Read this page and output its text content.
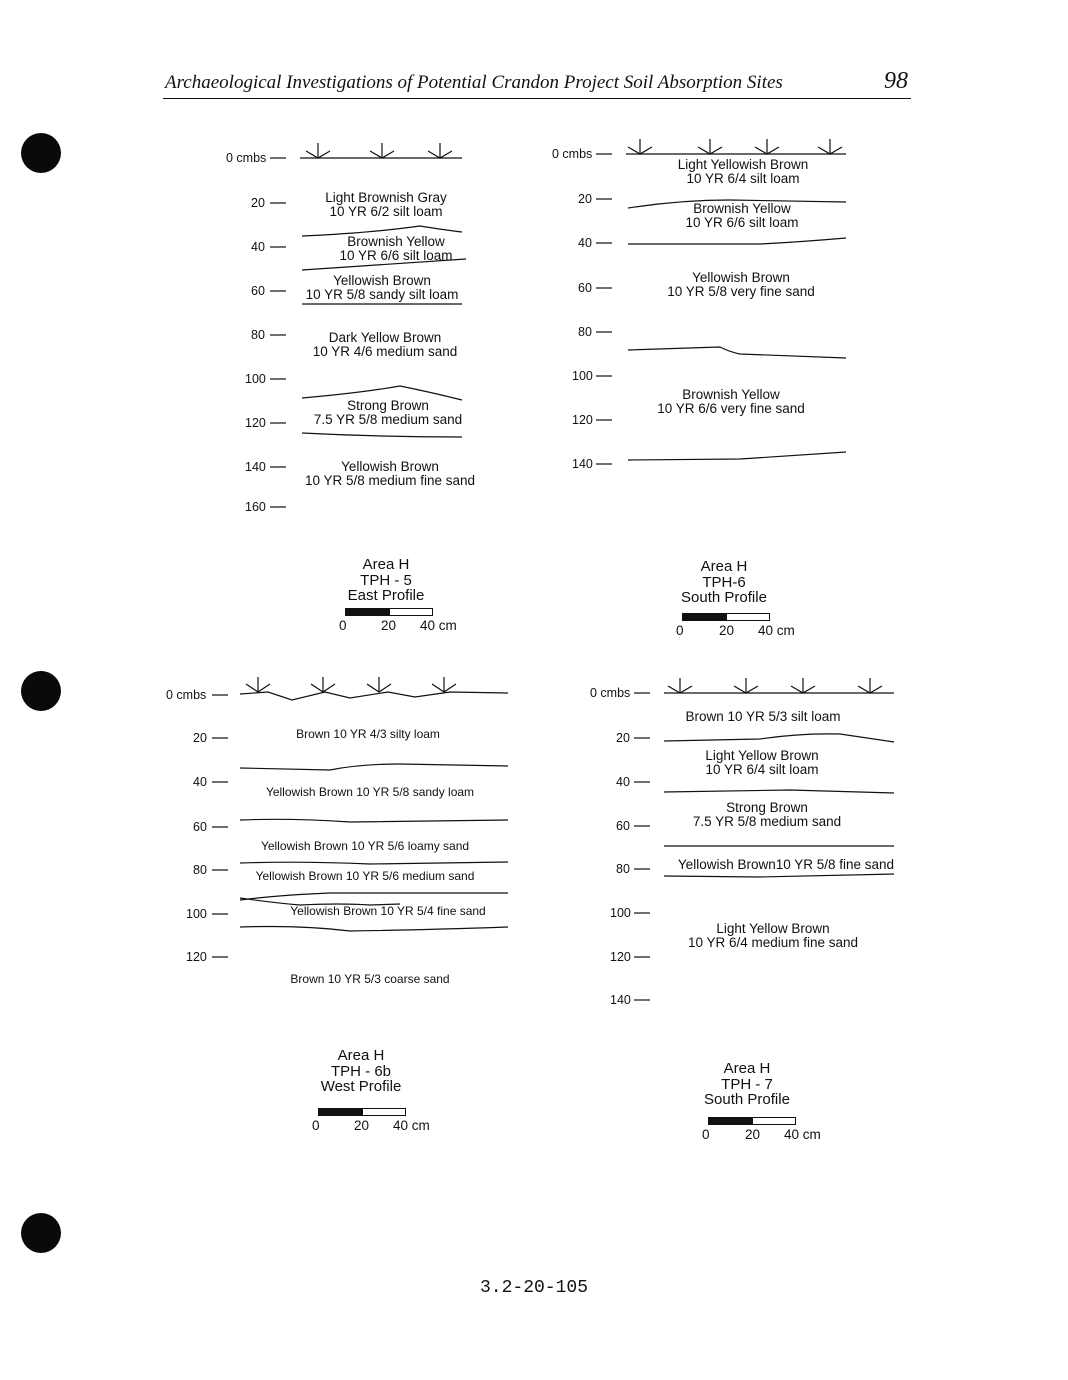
Archaeological Investigations of Potential Crandon Project Soil Absorption Sites	98
0 cmbs
20
40
60
80
100
120
140
160
Light Brownish Gray
10 YR 6/2 silt loam
Brownish Yellow
10 YR 6/6 silt loam
Yellowish Brown
10 YR 5/8 sandy silt loam
Dark Yellow Brown
10 YR 4/6 medium sand
Strong Brown
7.5 YR 5/8 medium sand
Yellowish Brown
10 YR 5/8 medium fine sand
Area H
TPH - 5
East Profile
0	20 40 cm
0 cmbs
20
40
60
80
100
120
140
Light Yellowish Brown
10 YR 6/4 silt loam
Brownish Yellow
10 YR 6/6 silt loam
Yellowish Brown
10 YR 5/8 very fine sand
Brownish Yellow
10 YR 6/6 very fine sand
Area H
TPH-6
South Profile
0	20 40 cm
0 cmbs
20
40
60
80
100
120
Brown 10 YR 4/3 silty loam
Yellowish Brown 10 YR 5/8 sandy loam
Yellowish Brown 10 YR 5/6 loamy sand
Yellowish Brown 10 YR 5/6 medium sand
Yellowish Brown 10 YR 5/4 fine sand
Brown 10 YR 5/3 coarse sand
Area H
TPH - 6b
West Profile
0	20 40 cm
0 cmbs
20
40
60
80
100
120
140
Brown 10 YR 5/3 silt loam
Light Yellow Brown
10 YR 6/4 silt loam
Strong Brown
7.5 YR 5/8 medium sand
Yellowish Brown10 YR 5/8 fine sand
Light Yellow Brown
10 YR 6/4 medium fine sand
Area H
TPH - 7
South Profile
0	20 40 cm
3.2-20-105
